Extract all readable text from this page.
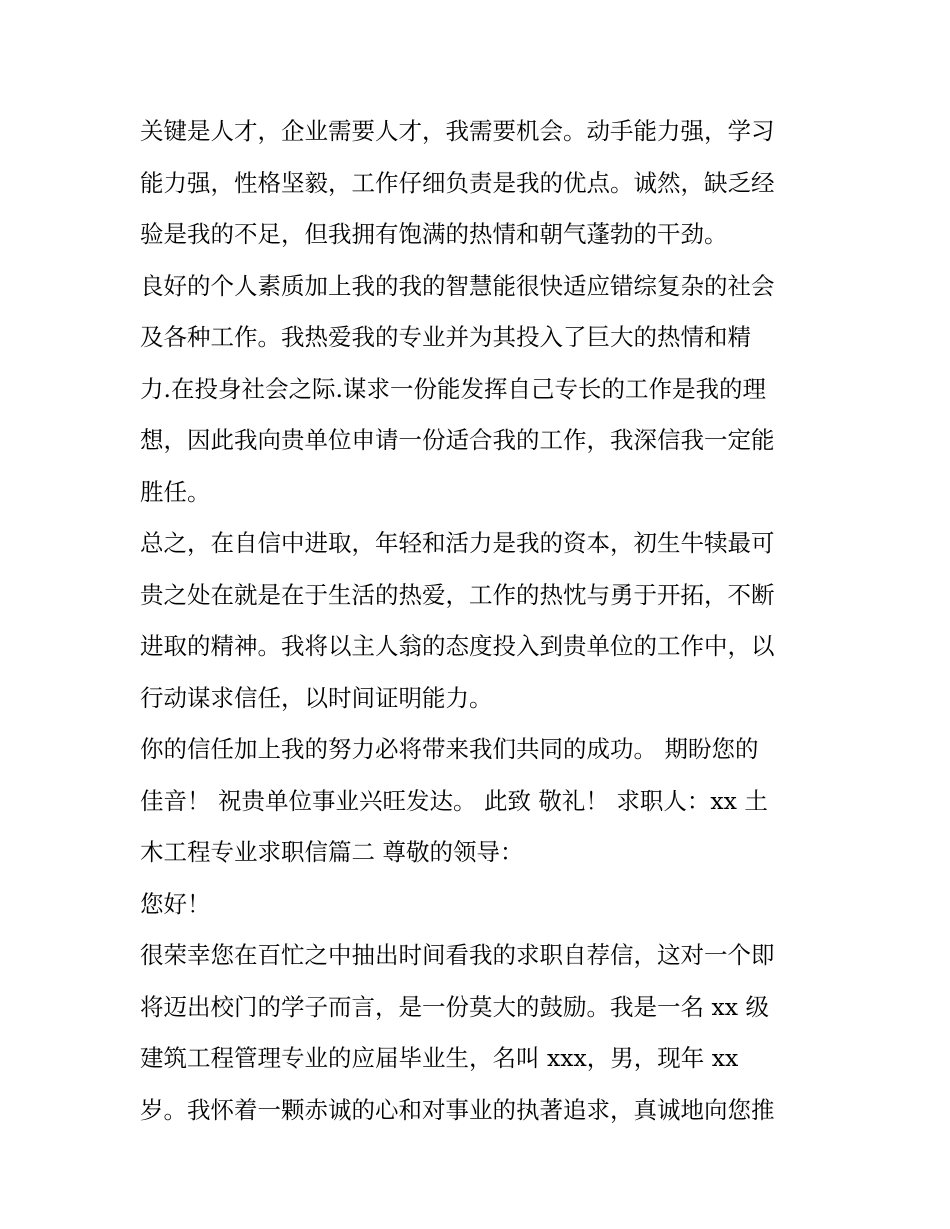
关键是人才，企业需要人才，我需要机会。动手能力强，学习
能力强，性格坚毅，工作仔细负责是我的优点。诚然，缺乏经
验是我的不足，但我拥有饱满的热情和朝气蓬勃的干劲。
良好的个人素质加上我的我的智慧能很快适应错综复杂的社会
及各种工作。我热爱我的专业并为其投入了巨大的热情和精
力.在投身社会之际.谋求一份能发挥自己专长的工作是我的理
想，因此我向贵单位申请一份适合我的工作，我深信我一定能
胜任。
总之，在自信中进取，年轻和活力是我的资本，初生牛犊最可
贵之处在就是在于生活的热爱，工作的热忱与勇于开拓，不断
进取的精神。我将以主人翁的态度投入到贵单位的工作中，以
行动谋求信任，以时间证明能力。
你的信任加上我的努力必将带来我们共同的成功。 期盼您的
佳音！ 祝贵单位事业兴旺发达。 此致 敬礼！ 求职人：xx 土
木工程专业求职信篇二 尊敬的领导：
您好！
很荣幸您在百忙之中抽出时间看我的求职自荐信，这对一个即
将迈出校门的学子而言，是一份莫大的鼓励。我是一名 xx 级
建筑工程管理专业的应届毕业生，名叫 xxx，男，现年 xx
岁。我怀着一颗赤诚的心和对事业的执著追求，真诚地向您推
